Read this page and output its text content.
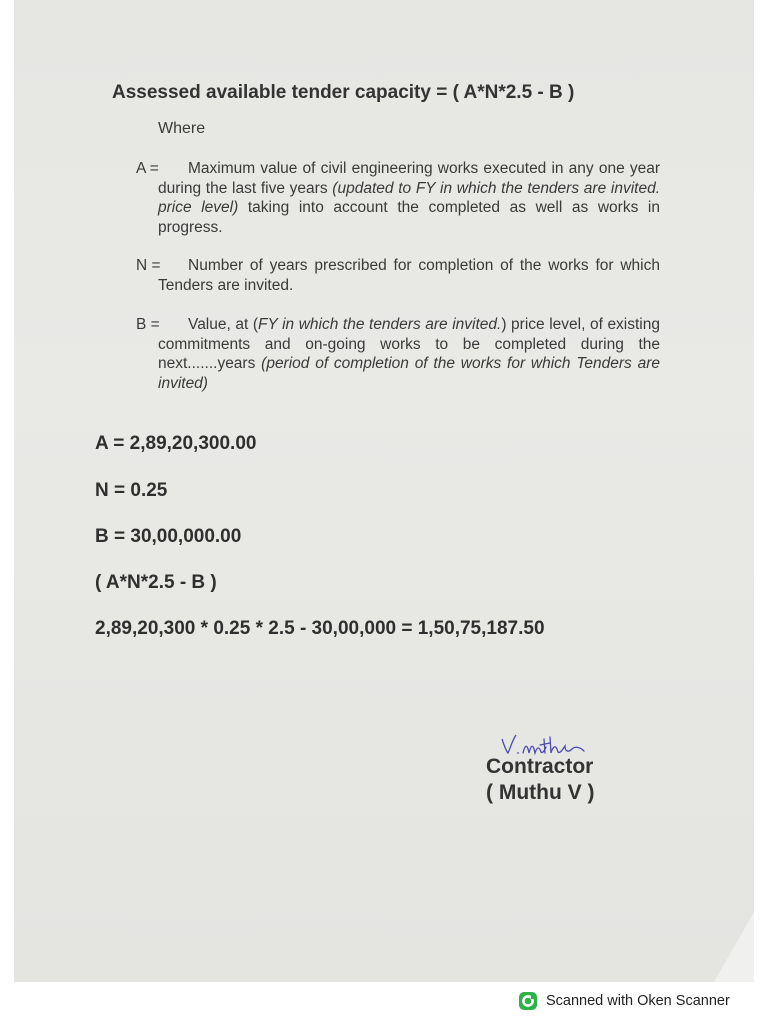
Assessed available tender capacity = ( A*N*2.5 - B )
Where
A =	Maximum value of civil engineering works executed in any one year during the last five years (updated to FY in which the tenders are invited. price level) taking into account the completed as well as works in progress.
N =	Number of years prescribed for completion of the works for which Tenders are invited.
B =	Value, at (FY in which the tenders are invited.) price level, of existing commitments and on-going works to be completed during the next.......years (period of completion of the works for which Tenders are invited)
A = 2,89,20,300.00
N = 0.25
B = 30,00,000.00
( A*N*2.5 - B )
2,89,20,300 * 0.25 * 2.5 - 30,00,000 = 1,50,75,187.50
Contractor
( Muthu V )
Scanned with Oken Scanner
